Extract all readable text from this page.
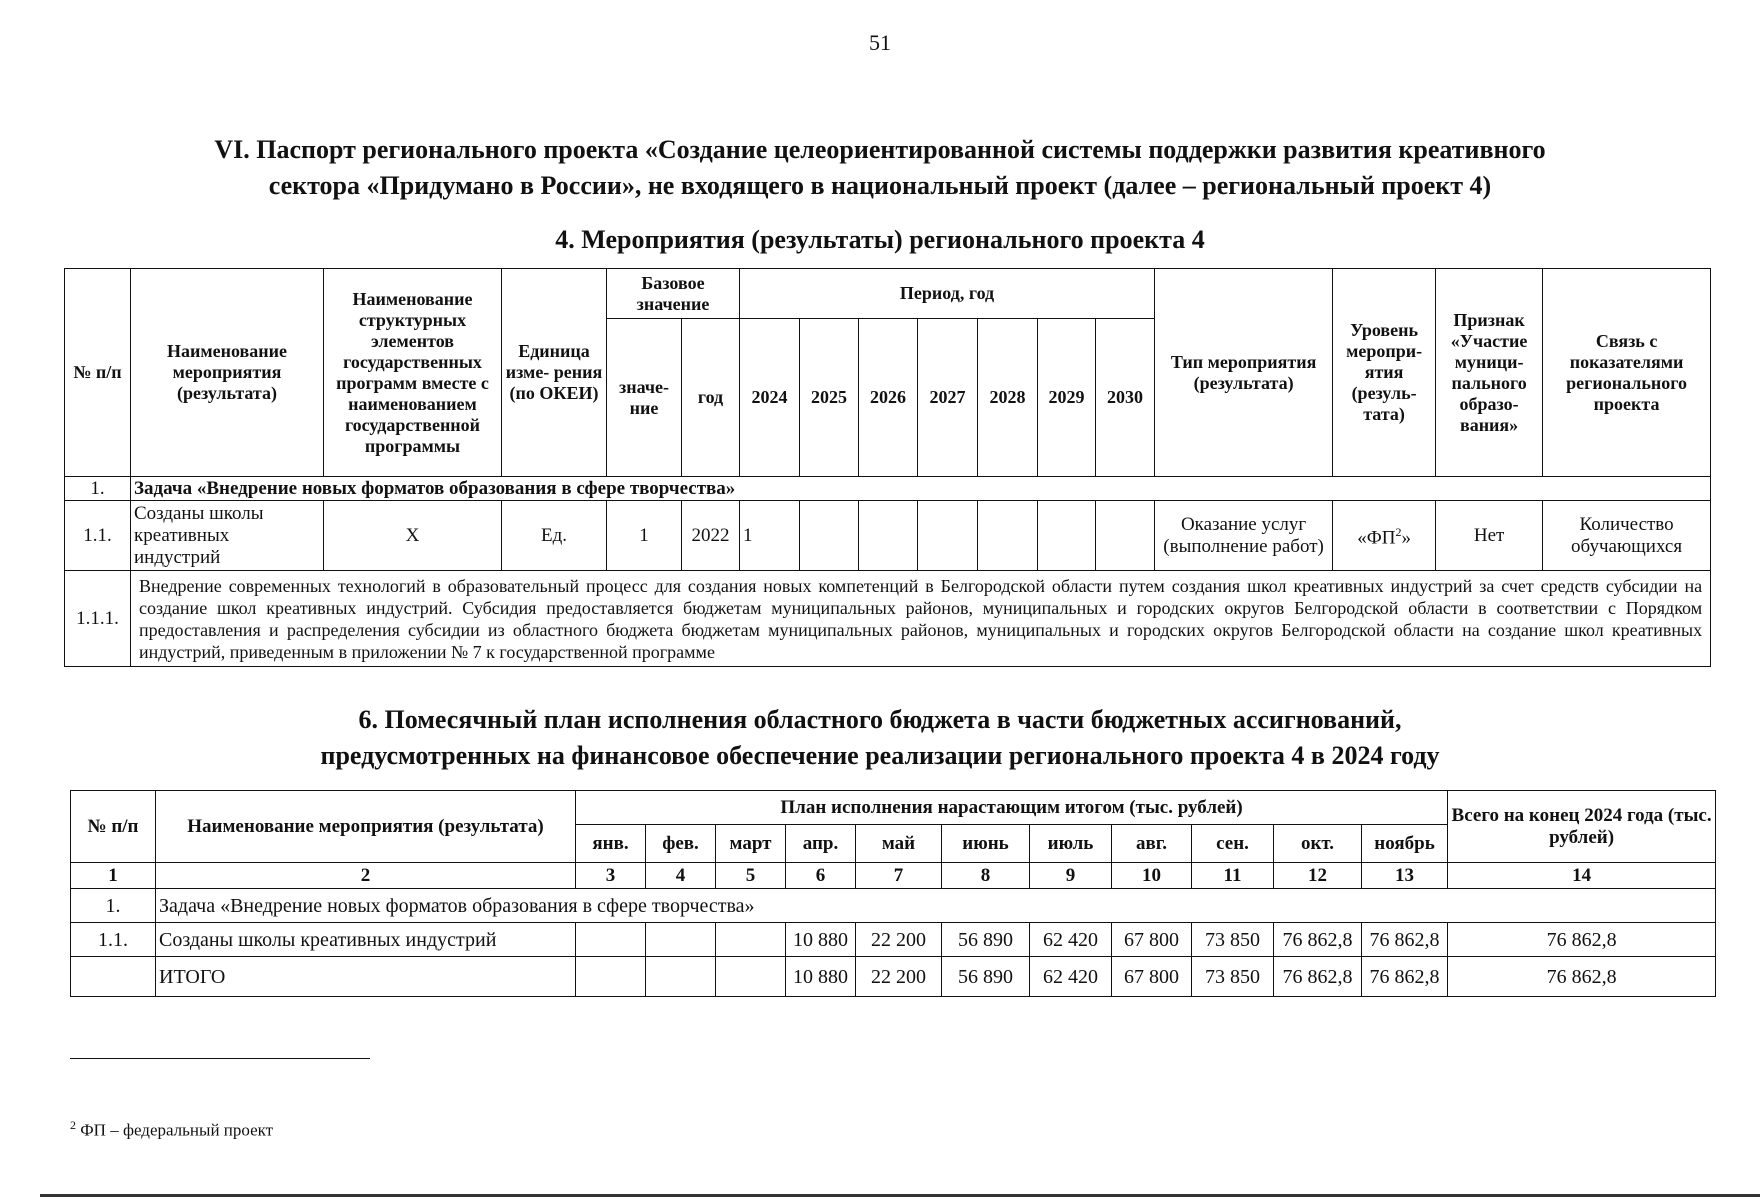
51
VI. Паспорт регионального проекта «Создание целеориентированной системы поддержки развития креативного
сектора «Придумано в России», не входящего в национальный проект (далее – региональный проект 4)
4. Мероприятия (результаты) регионального проекта 4
№ п/п	Наименование мероприятия (результата)	Наименование структурных элементов государственных программ вместе с наименованием государственной программы	Единица изме- рения (по ОКЕИ)	Базовое значение		Период, год							Тип мероприятия (результата)	Уровень меропри- ятия (резуль- тата)	Признак «Участие муници- пального образо- вания»	Связь с показателями регионального проекта
				значе- ние	год	2024	2025	2026	2027	2028	2029	2030				
1.	Задача «Внедрение новых форматов образования в сфере творчества»															
1.1.	Созданы школы креативных индустрий	Х	Ед.	1	2022	1							Оказание услуг (выполнение работ)	«$ФП^2$»	Нет	Количество обучающихся
1.1.1.	Внедрение современных технологий в образовательный процесс для создания новых компетенций в Белгородской области путем создания школ креативных индустрий за счет средств субсидии на создание школ креативных индустрий. Субсидия предоставляется бюджетам муниципальных районов, муниципальных и городских округов Белгородской области в соответствии с Порядком предоставления и распределения субсидии из областного бюджета бюджетам муниципальных районов, муниципальных и городских округов Белгородской области на создание школ креативных индустрий, приведенным в приложении № 7 к государственной программе															
6. Помесячный план исполнения областного бюджета в части бюджетных ассигнований,
предусмотренных на финансовое обеспечение реализации регионального проекта 4 в 2024 году
№ п/п	Наименование мероприятия (результата)	План исполнения нарастающим итогом (тыс. рублей)											Всего на конец 2024 года (тыс. рублей)
		янв.	фев.	март	апр.	май	июнь	июль	авг.	сен.	окт.	ноябрь	
1	2	3	4	5	6	7	8	9	10	11	12	13	14
1.	Задача «Внедрение новых форматов образования в сфере творчества»												
1.1.	Созданы школы креативных индустрий				10 880	22 200	56 890	62 420	67 800	73 850	76 862,8	76 862,8	76 862,8
	ИТОГО				10 880	22 200	56 890	62 420	67 800	73 850	76 862,8	76 862,8	76 862,8
$^2$ ФП – федеральный проект
